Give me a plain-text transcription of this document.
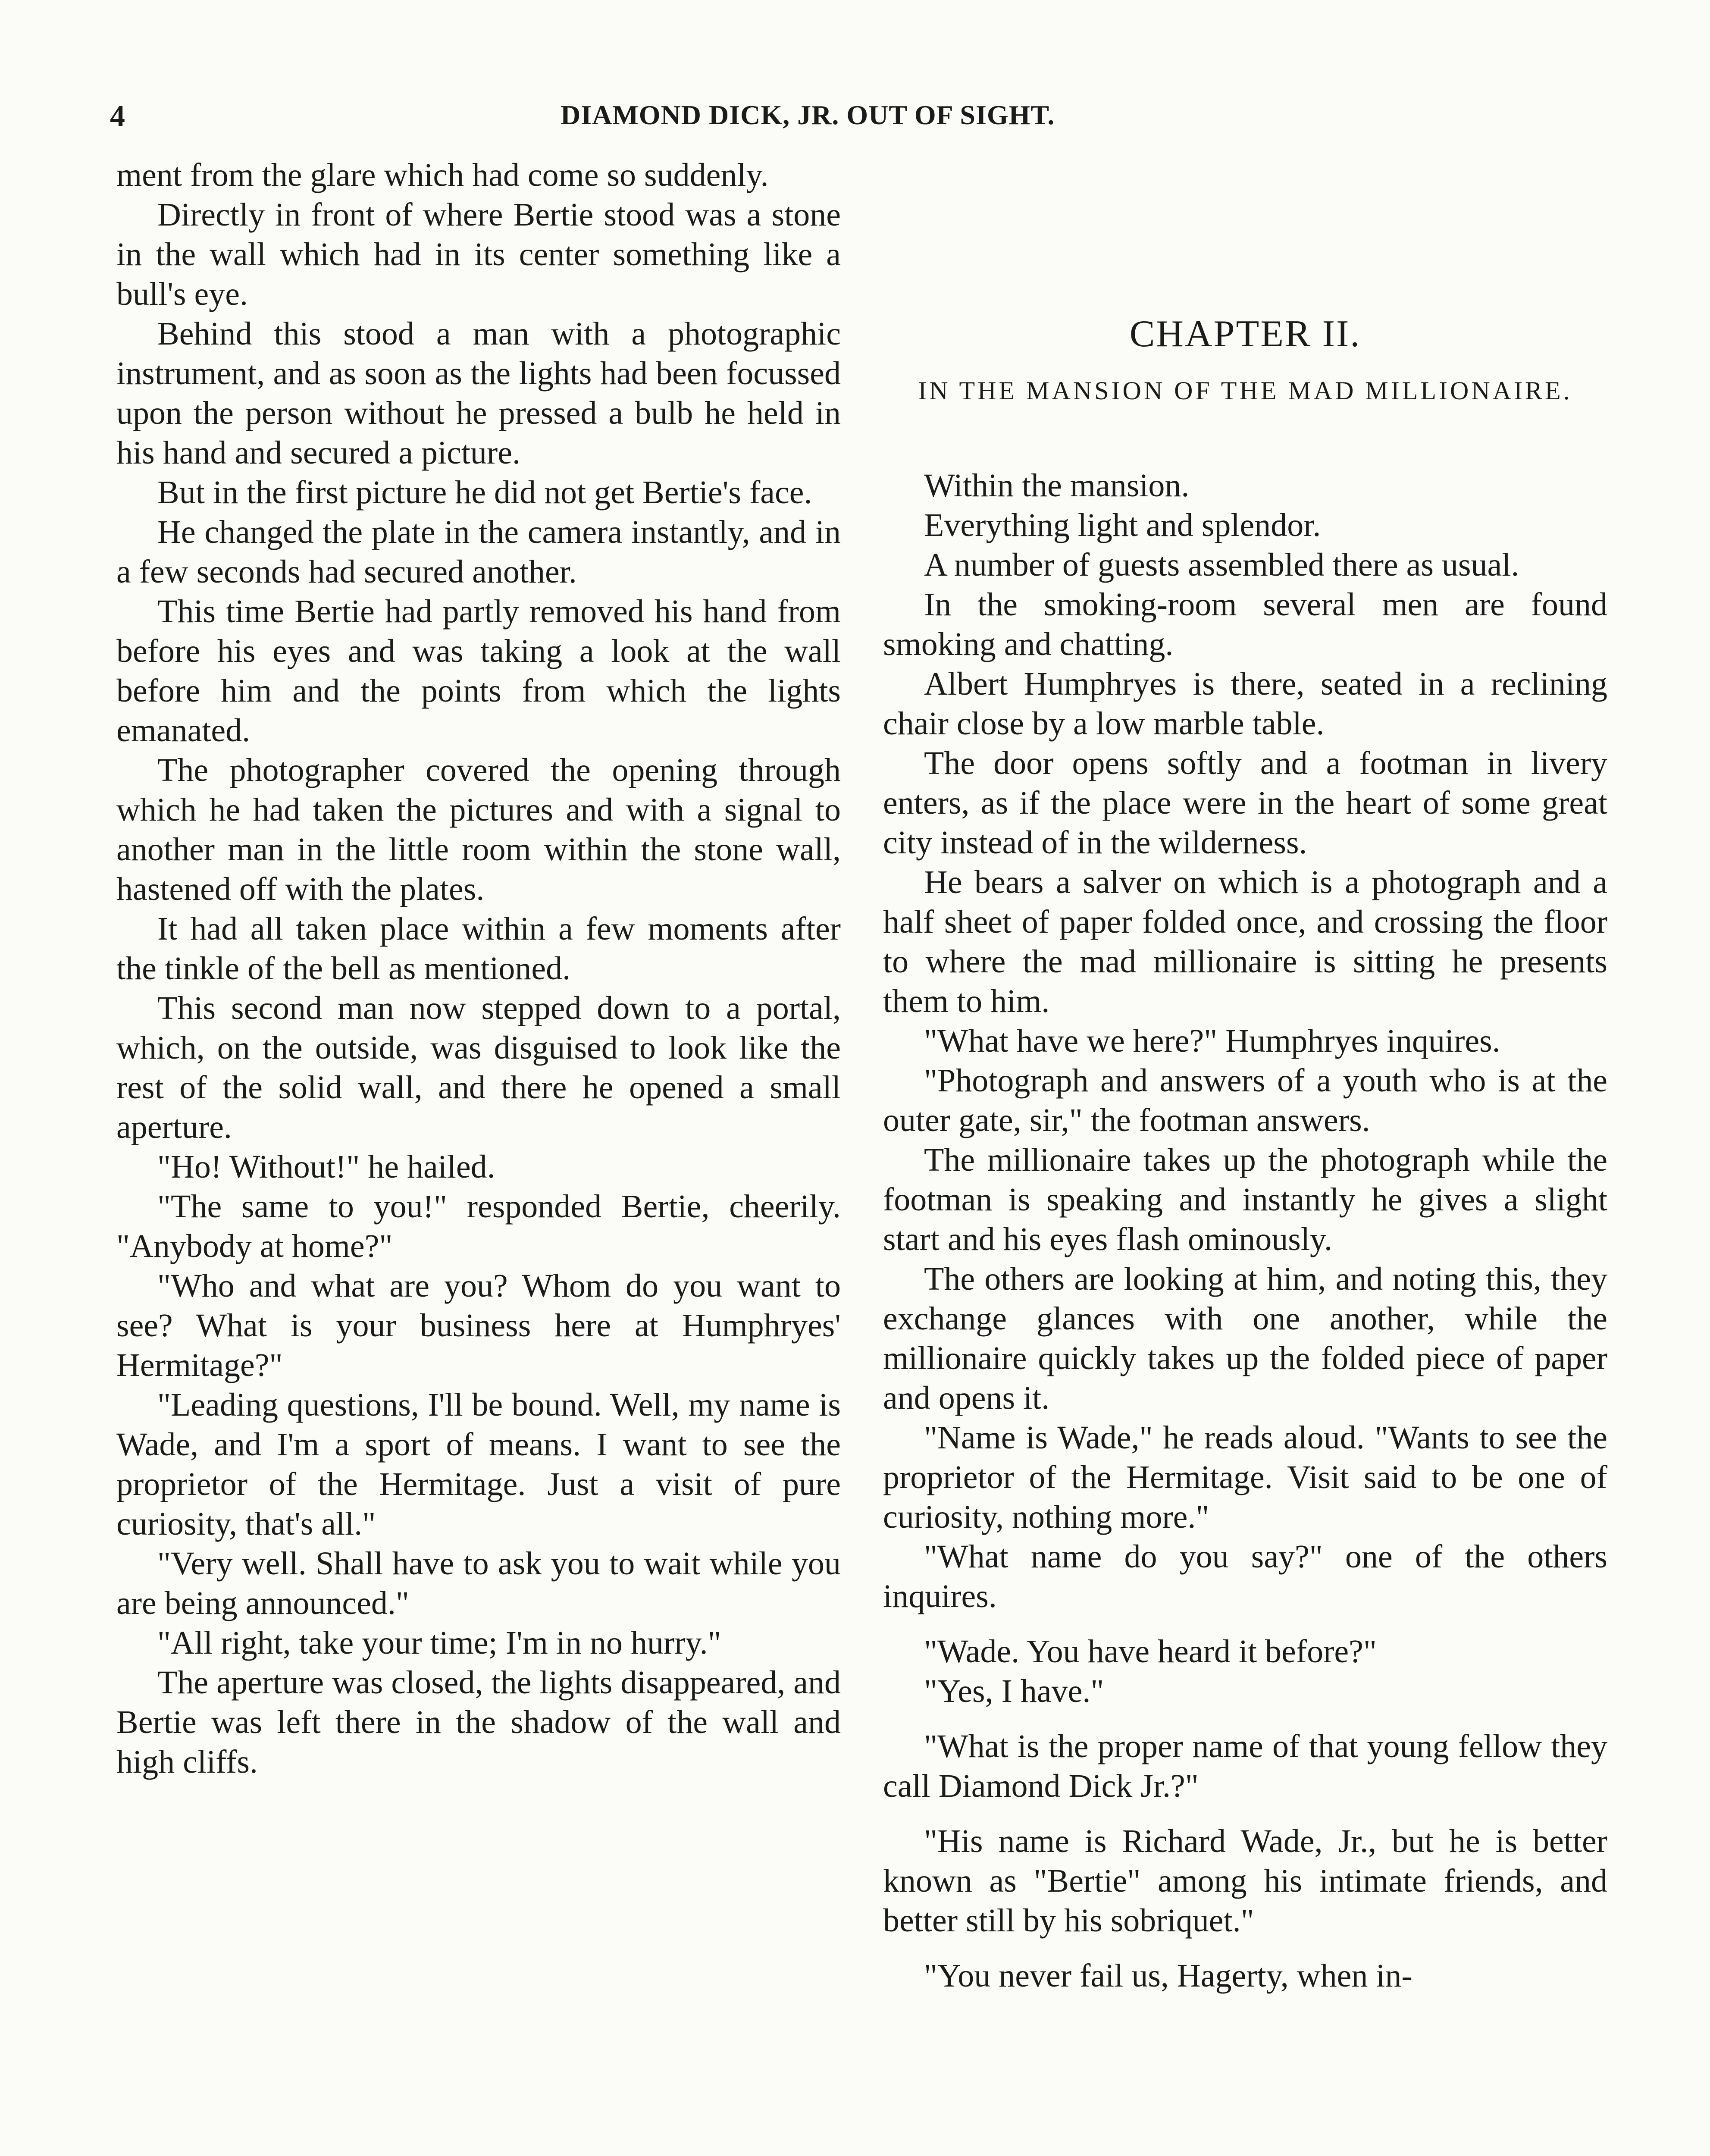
4	DIAMOND DICK, JR. OUT OF SIGHT.

ment from the glare which had come so suddenly.

Directly in front of where Bertie stood was a stone in the wall which had in its center something like a bull's eye.

Behind this stood a man with a photographic instrument, and as soon as the lights had been focussed upon the person without he pressed a bulb he held in his hand and secured a picture.

But in the first picture he did not get Bertie's face.

He changed the plate in the camera instantly, and in a few seconds had secured another.

This time Bertie had partly removed his hand from before his eyes and was taking a look at the wall before him and the points from which the lights emanated.

The photographer covered the opening through which he had taken the pictures and with a signal to another man in the little room within the stone wall, hastened off with the plates.

It had all taken place within a few moments after the tinkle of the bell as mentioned.

This second man now stepped down to a portal, which, on the outside, was disguised to look like the rest of the solid wall, and there he opened a small aperture.

"Ho! Without!" he hailed.

"The same to you!" responded Bertie, cheerily. "Anybody at home?"

"Who and what are you? Whom do you want to see? What is your business here at Humphryes' Hermitage?"

"Leading questions, I'll be bound. Well, my name is Wade, and I'm a sport of means. I want to see the proprietor of the Hermitage. Just a visit of pure curiosity, that's all."

"Very well. Shall have to ask you to wait while you are being announced."

"All right, take your time; I'm in no hurry."

The aperture was closed, the lights disappeared, and Bertie was left there in the shadow of the wall and high cliffs.

CHAPTER II.
IN THE MANSION OF THE MAD MILLIONAIRE.

Within the mansion.

Everything light and splendor.

A number of guests assembled there as usual.

In the smoking-room several men are found smoking and chatting.

Albert Humphryes is there, seated in a reclining chair close by a low marble table.

The door opens softly and a footman in livery enters, as if the place were in the heart of some great city instead of in the wilderness.

He bears a salver on which is a photograph and a half sheet of paper folded once, and crossing the floor to where the mad millionaire is sitting he presents them to him.

"What have we here?" Humphryes inquires.

"Photograph and answers of a youth who is at the outer gate, sir," the footman answers.

The millionaire takes up the photograph while the footman is speaking and instantly he gives a slight start and his eyes flash ominously.

The others are looking at him, and noting this, they exchange glances with one another, while the millionaire quickly takes up the folded piece of paper and opens it.

"Name is Wade," he reads aloud. "Wants to see the proprietor of the Hermitage. Visit said to be one of curiosity, nothing more."

"What name do you say?" one of the others inquires.

"Wade. You have heard it before?"

"Yes, I have."

"What is the proper name of that young fellow they call Diamond Dick Jr.?"

"His name is Richard Wade, Jr., but he is better known as "Bertie" among his intimate friends, and better still by his sobriquet."

"You never fail us, Hagerty, when in-
